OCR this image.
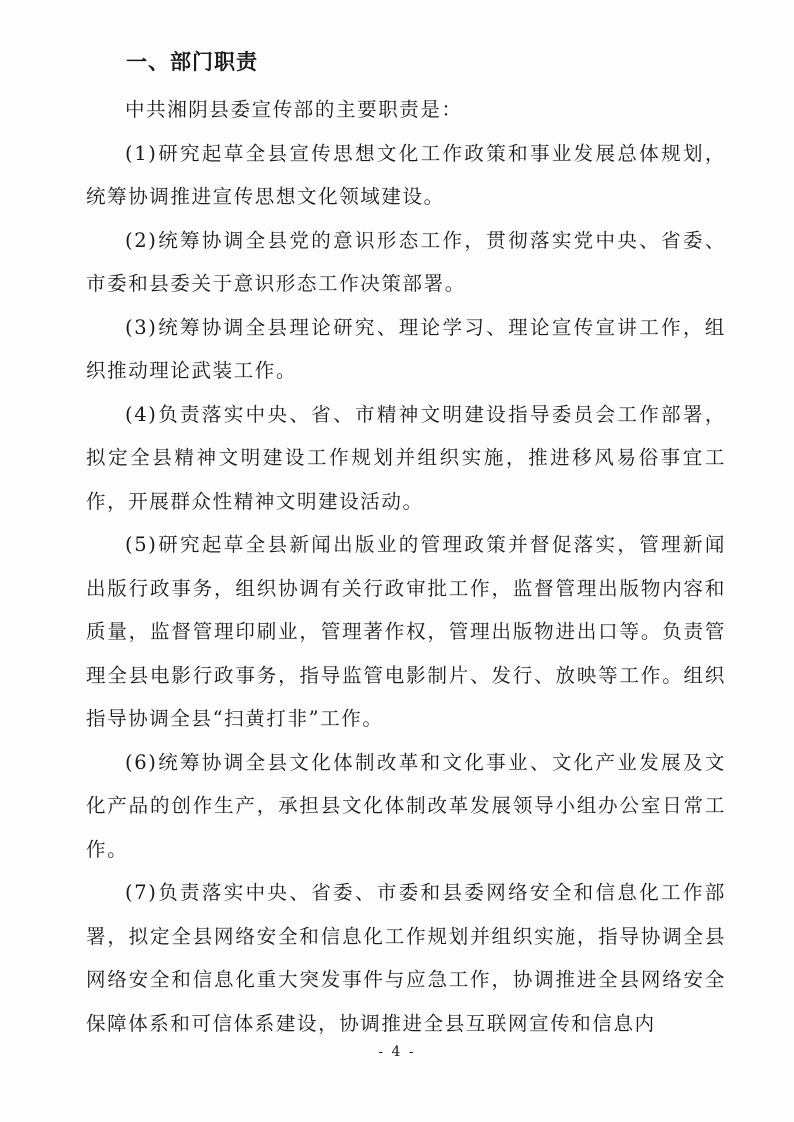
一、部门职责

中共湘阴县委宣传部的主要职责是：

(1)研究起草全县宣传思想文化工作政策和事业发展总体规划，统筹协调推进宣传思想文化领域建设。

(2)统筹协调全县党的意识形态工作，贯彻落实党中央、省委、市委和县委关于意识形态工作决策部署。

(3)统筹协调全县理论研究、理论学习、理论宣传宣讲工作，组织推动理论武装工作。

(4)负责落实中央、省、市精神文明建设指导委员会工作部署，拟定全县精神文明建设工作规划并组织实施，推进移风易俗事宜工作，开展群众性精神文明建设活动。

(5)研究起草全县新闻出版业的管理政策并督促落实，管理新闻出版行政事务，组织协调有关行政审批工作，监督管理出版物内容和质量，监督管理印刷业，管理著作权，管理出版物进出口等。负责管理全县电影行政事务，指导监管电影制片、发行、放映等工作。组织指导协调全县“扫黄打非”工作。

(6)统筹协调全县文化体制改革和文化事业、文化产业发展及文化产品的创作生产，承担县文化体制改革发展领导小组办公室日常工作。

(7)负责落实中央、省委、市委和县委网络安全和信息化工作部署，拟定全县网络安全和信息化工作规划并组织实施，指导协调全县网络安全和信息化重大突发事件与应急工作，协调推进全县网络安全保障体系和可信体系建设，协调推进全县互联网宣传和信息内

- 4 -
